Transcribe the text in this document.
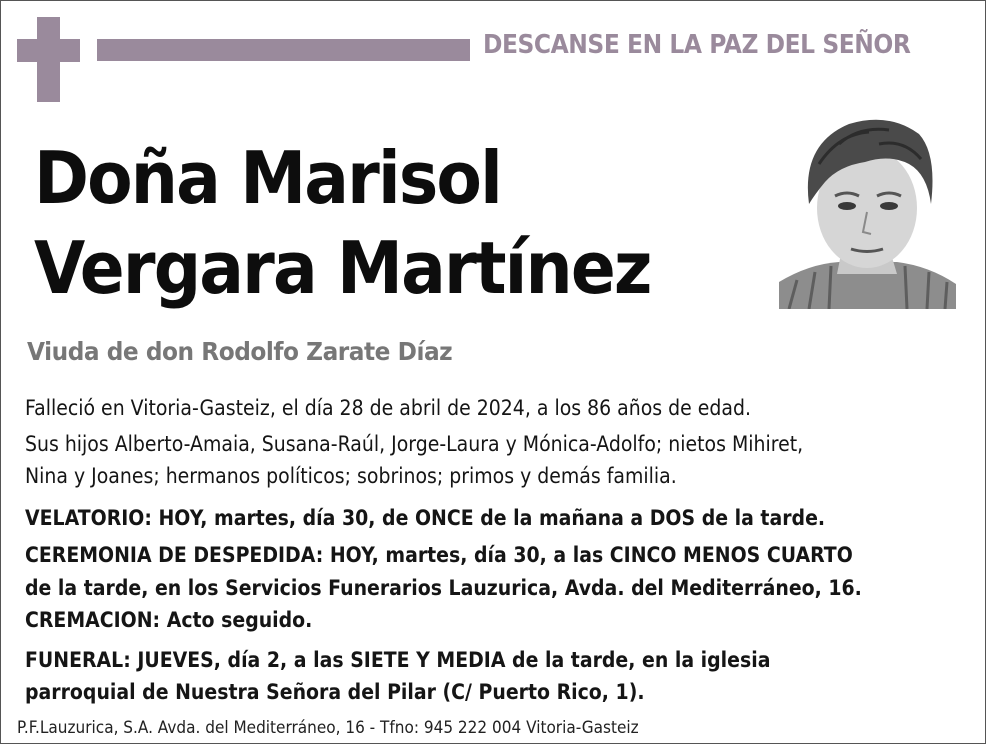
DESCANSE EN LA PAZ DEL SEÑOR
Doña Marisol
Vergara Martínez
Viuda de don Rodolfo Zarate Díaz
Falleció en Vitoria-Gasteiz, el día 28 de abril de 2024, a los 86 años de edad.
Sus hijos Alberto-Amaia, Susana-Raúl, Jorge-Laura y Mónica-Adolfo; nietos Mihiret,
Nina y Joanes; hermanos políticos; sobrinos; primos y demás familia.
VELATORIO: HOY, martes, día 30, de ONCE de la mañana a DOS de la tarde.
CEREMONIA DE DESPEDIDA: HOY, martes, día 30, a las CINCO MENOS CUARTO
de la tarde, en los Servicios Funerarios Lauzurica, Avda. del Mediterráneo, 16.
CREMACION: Acto seguido.
FUNERAL: JUEVES, día 2, a las SIETE Y MEDIA de la tarde, en la iglesia
parroquial de Nuestra Señora del Pilar (C/ Puerto Rico, 1).
P.F.Lauzurica, S.A. Avda. del Mediterráneo, 16 - Tfno: 945 222 004 Vitoria-Gasteiz
